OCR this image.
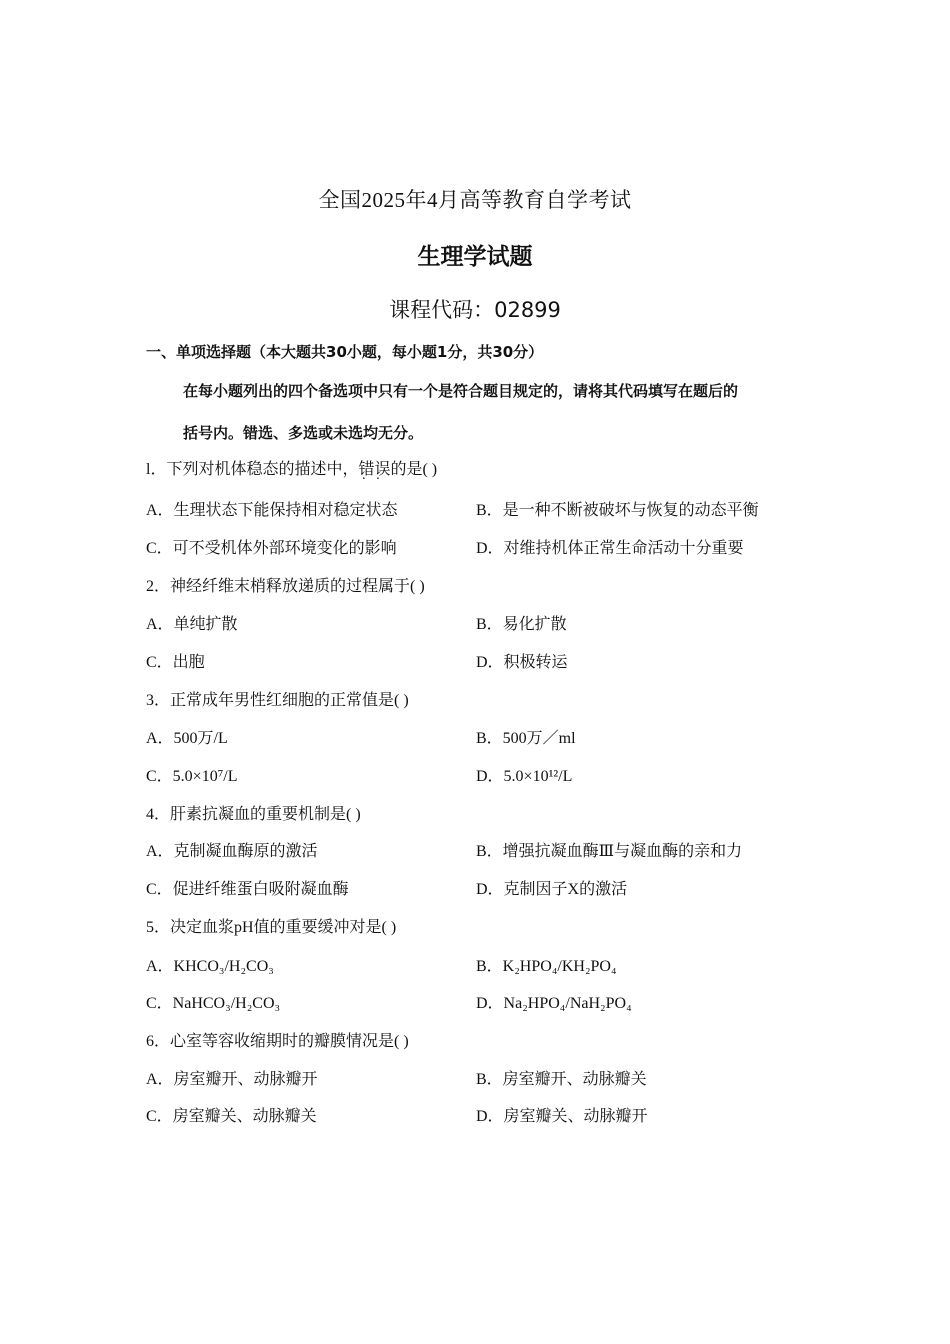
全国2025年4月高等教育自学考试
生理学试题
课程代码：02899
一、单项选择题（本大题共30小题，每小题1分，共30分）
在每小题列出的四个备选项中只有一个是符合题目规定的，请将其代码填写在题后的
括号内。错选、多选或未选均无分。
l．下列对机体稳态的描述中，错误 · ·的是( )
A．生理状态下能保持相对稳定状态	B．是一种不断被破坏与恢复的动态平衡
C．可不受机体外部环境变化的影响	D．对维持机体正常生命活动十分重要
2．神经纤维末梢释放递质的过程属于( )
A．单纯扩散	B．易化扩散
C．出胞	D．积极转运
3．正常成年男性红细胞的正常值是( )
A．500万/L	B．500万／ml
C．5.0×10⁷/L	D．5.0×10¹²/L
4．肝素抗凝血的重要机制是( )
A．克制凝血酶原的激活	B．增强抗凝血酶Ⅲ与凝血酶的亲和力
C．促进纤维蛋白吸附凝血酶	D．克制因子X的激活
5．决定血浆pH值的重要缓冲对是( )
A．KHCO₃/H₂CO₃	B．K₂HPO₄/KH₂PO₄
C．NaHCO₃/H₂CO₃	D．Na₂HPO₄/NaH₂PO₄
6．心室等容收缩期时的瓣膜情况是( )
A．房室瓣开、动脉瓣开	B．房室瓣开、动脉瓣关
C．房室瓣关、动脉瓣关	D．房室瓣关、动脉瓣开
